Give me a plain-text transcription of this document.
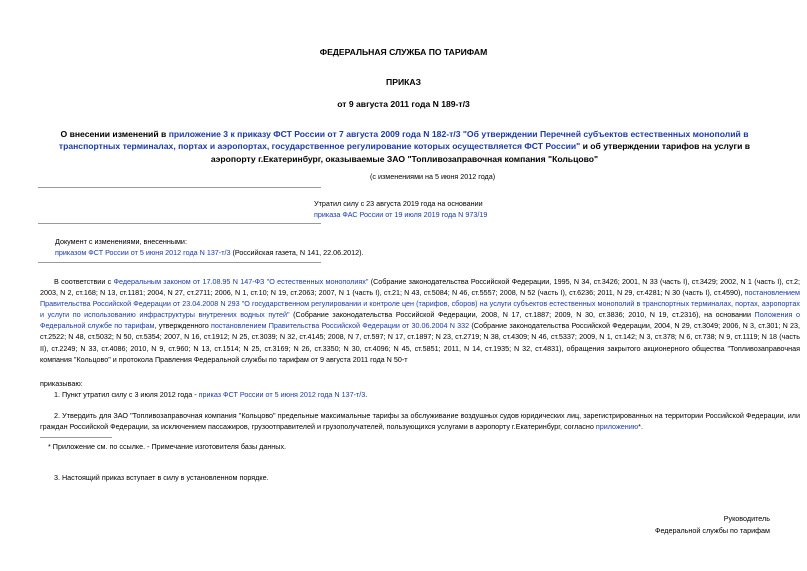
ФЕДЕРАЛЬНАЯ СЛУЖБА ПО ТАРИФАМ
ПРИКАЗ
от 9 августа 2011 года N 189-т/3
О внесении изменений в приложение 3 к приказу ФСТ России от 7 августа 2009 года N 182-т/3 "Об утверждении Перечней субъектов естественных монополий в транспортных терминалах, портах и аэропортах, государственное регулирование которых осуществляется ФСТ России" и об утверждении тарифов на услуги в аэропорту г.Екатеринбург, оказываемые ЗАО "Топливозаправочная компания "Кольцово"
(с изменениями на 5 июня 2012 года)
Утратил силу с 23 августа 2019 года на основании
приказа ФАС России от 19 июля 2019 года N 973/19
Документ с изменениями, внесенными:
приказом ФСТ России от 5 июня 2012 года N 137-т/3 (Российская газета, N 141, 22.06.2012).
В соответствии с Федеральным законом от 17.08.95 N 147-ФЗ "О естественных монополиях" (Собрание законодательства Российской Федерации, 1995, N 34, ст.3426; 2001, N 33 (часть I), ст.3429; 2002, N 1 (часть I), ст.2; 2003, N 2, ст.168; N 13, ст.1181; 2004, N 27, ст.2711; 2006, N 1, ст.10; N 19, ст.2063; 2007, N 1 (часть I), ст.21; N 43, ст.5084; N 46, ст.5557; 2008, N 52 (часть I), ст.6236; 2011, N 29, ст.4281; N 30 (часть I), ст.4590), постановлением Правительства Российской Федерации от 23.04.2008 N 293 "О государственном регулировании и контроле цен (тарифов, сборов) на услуги субъектов естественных монополий в транспортных терминалах, портах, аэропортах и услуги по использованию инфраструктуры внутренних водных путей" (Собрание законодательства Российской Федерации, 2008, N 17, ст.1887; 2009, N 30, ст.3836; 2010, N 19, ст.2316), на основании Положения о Федеральной службе по тарифам, утвержденного постановлением Правительства Российской Федерации от 30.06.2004 N 332 (Собрание законодательства Российской Федерации, 2004, N 29, ст.3049; 2006, N 3, ст.301; N 23, ст.2522; N 48, ст.5032; N 50, ст.5354; 2007, N 16, ст.1912; N 25, ст.3039; N 32, ст.4145; 2008, N 7, ст.597; N 17, ст.1897; N 23, ст.2719; N 38, ст.4309; N 46, ст.5337; 2009, N 1, ст.142; N 3, ст.378; N 6, ст.738; N 9, ст.1119; N 18 (часть II), ст.2249; N 33, ст.4086; 2010, N 9, ст.960; N 13, ст.1514; N 25, ст.3169; N 26, ст.3350; N 30, ст.4096; N 45, ст.5851; 2011, N 14, ст.1935; N 32, ст.4831), обращения закрытого акционерного общества "Топливозаправочная компания "Кольцово" и протокола Правления Федеральной службы по тарифам от 9 августа 2011 года N 50-т
приказываю:
1. Пункт утратил силу с 3 июля 2012 года - приказ ФСТ России от 5 июня 2012 года N 137-т/3.
2. Утвердить для ЗАО "Топливозаправочная компания "Кольцово" предельные максимальные тарифы за обслуживание воздушных судов юридических лиц, зарегистрированных на территории Российской Федерации, или граждан Российской Федерации, за исключением пассажиров, грузоотправителей и грузополучателей, пользующихся услугами в аэропорту г.Екатеринбург, согласно приложению*.
* Приложение см. по ссылке. - Примечание изготовителя базы данных.
3. Настоящий приказ вступает в силу в установленном порядке.
Руководитель
Федеральной службы по тарифам
